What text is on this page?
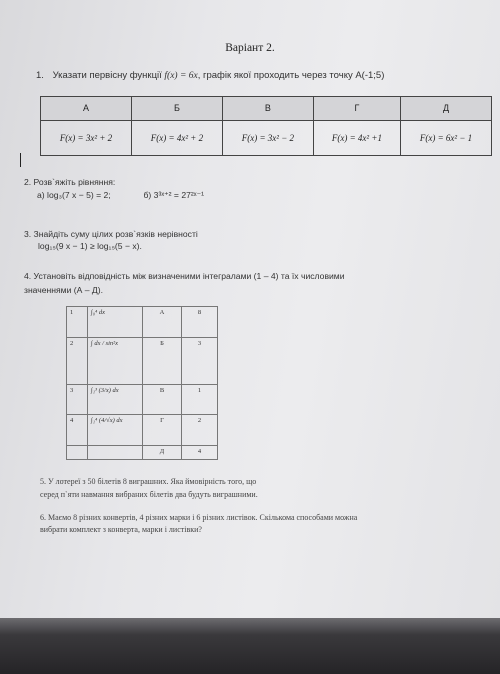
Варіант 2.
1. Указати первісну функції f(x) = 6x, графік якої проходить через точку А(-1;5)
А	Б	В	Г	Д
F(x) = 3x² + 2	F(x) = 4x² + 2	F(x) = 3x² − 2	F(x) = 4x² +1	F(x) = 6x² − 1
2. Розв`яжіть рівняння:
а) log₃(7 x − 5) = 2;	б) 3³ˣ⁺² = 27²ˣ⁻¹
3. Знайдіть суму цілих розв`язків нерівності
log₁₅(9 x − 1) ≥ log₁₅(5 − x).
4. Установіть відповідність між визначеними інтегралами (1 – 4) та їх числовими
значеннями (А – Д).
1	∫₀⁴ dx	А	8
2	∫ dx / sin²x	Б	3
3	∫₁³ (3/x) dx	В	1
4	∫₁⁴ (4/√x) dx	Г	2
		Д	4
5. У лотереї з 50 білетів 8 виграшних. Яка ймовірність того, що
серед п`яти навмання вибраних білетів два будуть виграшними.
6. Маємо 8 різних конвертів, 4 різних марки і 6 різних листівок. Скількома способами можна
вибрати комплект з конверта, марки і листівки?
